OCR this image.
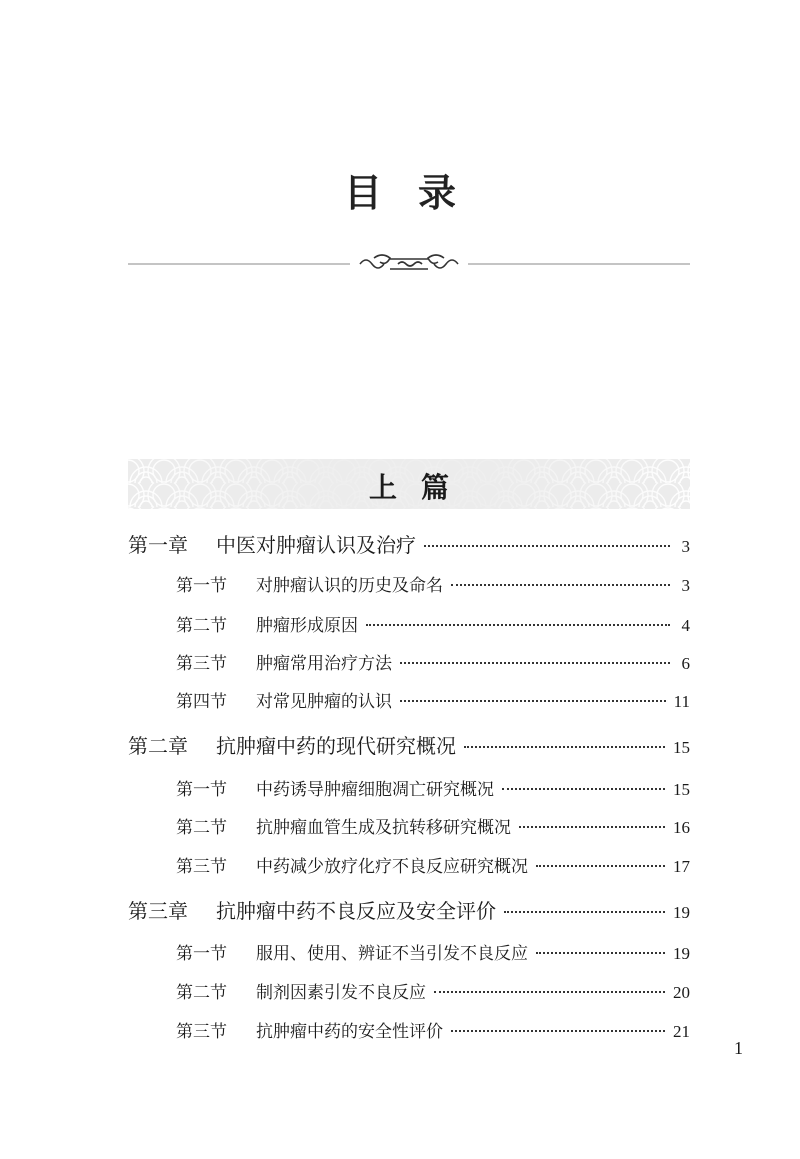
目录
上篇
第一章	中医对肿瘤认识及治疗	3
第一节	对肿瘤认识的历史及命名	3
第二节	肿瘤形成原因	4
第三节	肿瘤常用治疗方法	6
第四节	对常见肿瘤的认识	11
第二章	抗肿瘤中药的现代研究概况	15
第一节	中药诱导肿瘤细胞凋亡研究概况	15
第二节	抗肿瘤血管生成及抗转移研究概况	16
第三节	中药减少放疗化疗不良反应研究概况	17
第三章	抗肿瘤中药不良反应及安全评价	19
第一节	服用、使用、辨证不当引发不良反应	19
第二节	制剂因素引发不良反应	20
第三节	抗肿瘤中药的安全性评价	21
1
